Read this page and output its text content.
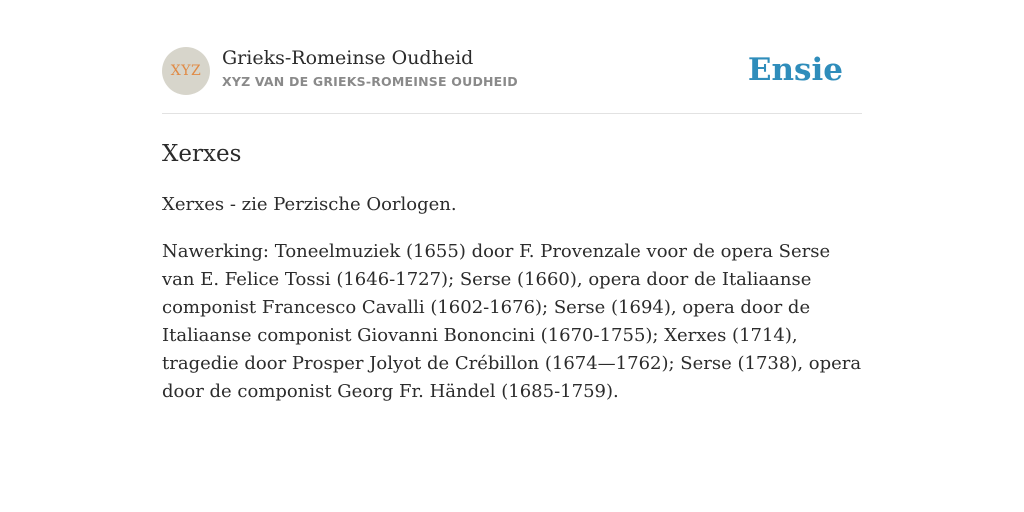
XYZ
Grieks-Romeinse Oudheid
XYZ VAN DE GRIEKS-ROMEINSE OUDHEID	Ensie
Xerxes

Xerxes - zie Perzische Oorlogen.

Nawerking: Toneelmuziek (1655) door F. Provenzale voor de opera Serse van E. Felice Tossi (1646-1727); Serse (1660), opera door de Italiaanse componist Francesco Cavalli (1602-1676); Serse (1694), opera door de Italiaanse componist Giovanni Bononcini (1670-1755); Xerxes (1714), tragedie door Prosper Jolyot de Crébillon (1674—1762); Serse (1738), opera door de componist Georg Fr. Händel (1685-1759).
